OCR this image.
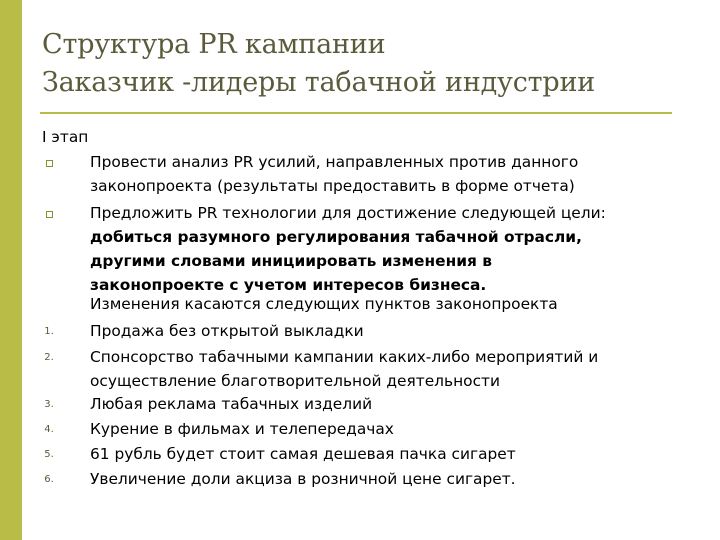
Структура PR кампании
Заказчик -лидеры табачной индустрии
I этап
Провести анализ PR усилий, направленных против данного
законопроекта (результаты предоставить в форме отчета)
Предложить PR технологии для достижение следующей цели:
добиться разумного регулирования табачной отрасли,
другими словами инициировать изменения в
законопроекте с учетом интересов бизнеса.
Изменения касаются следующих пунктов законопроекта
1. Продажа без открытой выкладки
2. Спонсорство табачными кампании каких-либо мероприятий и
осуществление благотворительной деятельности
3. Любая реклама табачных изделий
4. Курение в фильмах и телепередачах
5. 61 рубль будет стоит самая дешевая пачка сигарет
6. Увеличение доли акциза в розничной цене сигарет.
